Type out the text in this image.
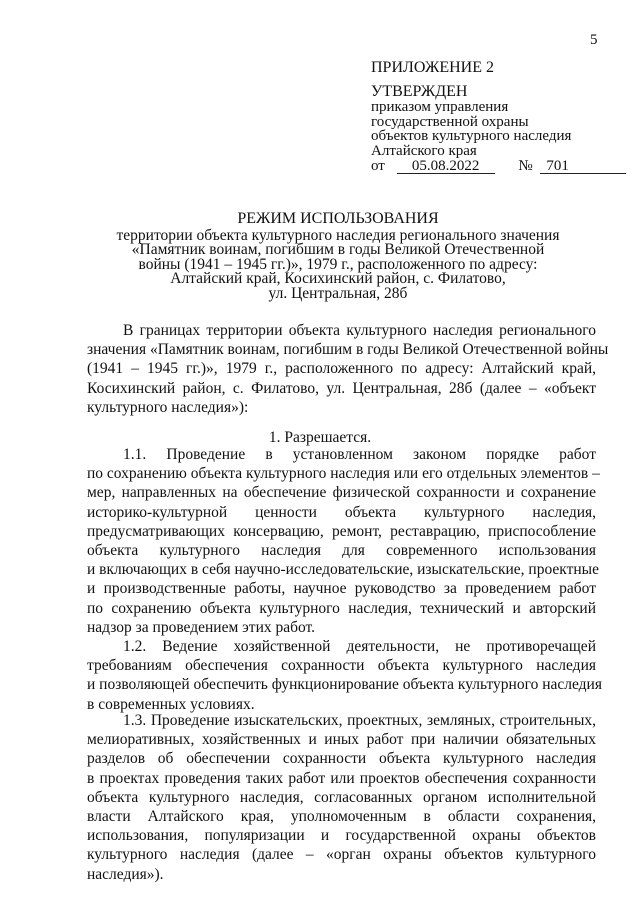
5
ПРИЛОЖЕНИЕ 2
УТВЕРЖДЕН
приказом управления
государственной охраны
объектов культурного наследия
Алтайского края
от 05.08.2022	№ 701
РЕЖИМ ИСПОЛЬЗОВАНИЯ
территории объекта культурного наследия регионального значения
«Памятник воинам, погибшим в годы Великой Отечественной
войны (1941 – 1945 гг.)», 1979 г., расположенного по адресу:
Алтайский край, Косихинский район, с. Филатово,
ул. Центральная, 28б
В границах территории объекта культурного наследия регионального
значения «Памятник воинам, погибшим в годы Великой Отечественной войны
(1941 – 1945 гг.)», 1979 г., расположенного по адресу: Алтайский край,
Косихинский район, с. Филатово, ул. Центральная, 28б (далее – «объект
культурного наследия»):
1. Разрешается.
1.1. Проведение в установленном законом порядке работ
по сохранению объекта культурного наследия или его отдельных элементов –
мер, направленных на обеспечение физической сохранности и сохранение
историко-культурной ценности объекта культурного наследия,
предусматривающих консервацию, ремонт, реставрацию, приспособление
объекта культурного наследия для современного использования
и включающих в себя научно-исследовательские, изыскательские, проектные
и производственные работы, научное руководство за проведением работ
по сохранению объекта культурного наследия, технический и авторский
надзор за проведением этих работ.
1.2. Ведение хозяйственной деятельности, не противоречащей
требованиям обеспечения сохранности объекта культурного наследия
и позволяющей обеспечить функционирование объекта культурного наследия
в современных условиях.
1.3. Проведение изыскательских, проектных, земляных, строительных,
мелиоративных, хозяйственных и иных работ при наличии обязательных
разделов об обеспечении сохранности объекта культурного наследия
в проектах проведения таких работ или проектов обеспечения сохранности
объекта культурного наследия, согласованных органом исполнительной
власти Алтайского края, уполномоченным в области сохранения,
использования, популяризации и государственной охраны объектов
культурного наследия (далее – «орган охраны объектов культурного
наследия»).
